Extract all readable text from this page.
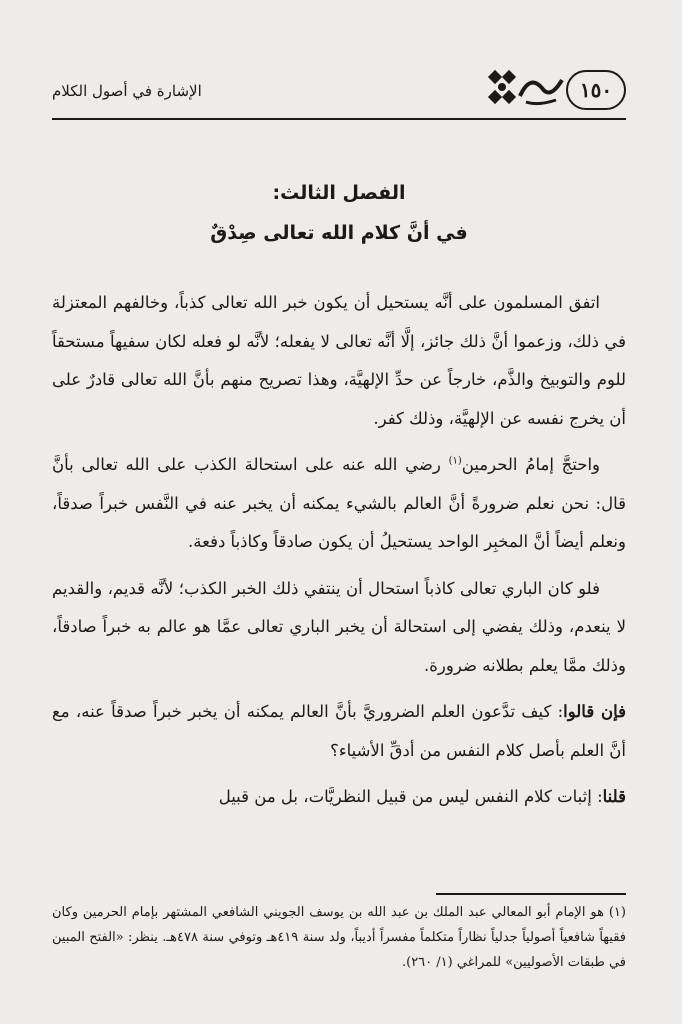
١٥٠
الإشارة في أصول الكلام
الفصل الثالث:
في أنَّ كلام الله تعالى صِدْقٌ

اتفق المسلمون على أنَّه يستحيل أن يكون خبر الله تعالى كذباً، وخالفهم المعتزلة في ذلك، وزعموا أنَّ ذلك جائز، إلَّا أنَّه تعالى لا يفعله؛ لأنَّه لو فعله لكان سفيهاً مستحقاً للوم والتوبيخ والذَّم، خارجاً عن حدِّ الإلهيَّة، وهذا تصريح منهم بأنَّ الله تعالى قادرٌ على أن يخرج نفسه عن الإلهيَّة، وذلك كفر.

واحتجَّ إمامُ الحرمين$^{(١)}$ رضي الله عنه على استحالة الكذب على الله تعالى بأنَّ قال: نحن نعلم ضرورةً أنَّ العالم بالشيء يمكنه أن يخبر عنه في النَّفس خبراً صدقاً، ونعلم أيضاً أنَّ المخبِر الواحد يستحيلُ أن يكون صادقاً وكاذباً دفعة.

فلو كان الباري تعالى كاذباً استحال أن ينتفي ذلك الخبر الكذب؛ لأنَّه قديم، والقديم لا ينعدم، وذلك يفضي إلى استحالة أن يخبر الباري تعالى عمَّا هو عالم به خبراً صادقاً، وذلك ممَّا يعلم بطلانه ضرورة.

فإن قالوا: كيف تدَّعون العلم الضروريَّ بأنَّ العالم يمكنه أن يخبر خبراً صدقاً عنه، مع أنَّ العلم بأصل كلام النفس من أدقِّ الأشياء؟

قلنا: إثبات كلام النفس ليس من قبيل النظريَّات، بل من قبيل

(١) هو الإمام أبو المعالي عبد الملك بن عبد الله بن يوسف الجويني الشافعي المشتهر بإمام الحرمين وكان فقيهاً شافعياً أصولياً جدلياً نظاراً متكلماً مفسراً أديباً، ولد سنة ٤١٩هـ وتوفي سنة ٤٧٨هـ. ينظر: «الفتح المبين في طبقات الأصوليين» للمراغي (١/ ٢٦٠).
